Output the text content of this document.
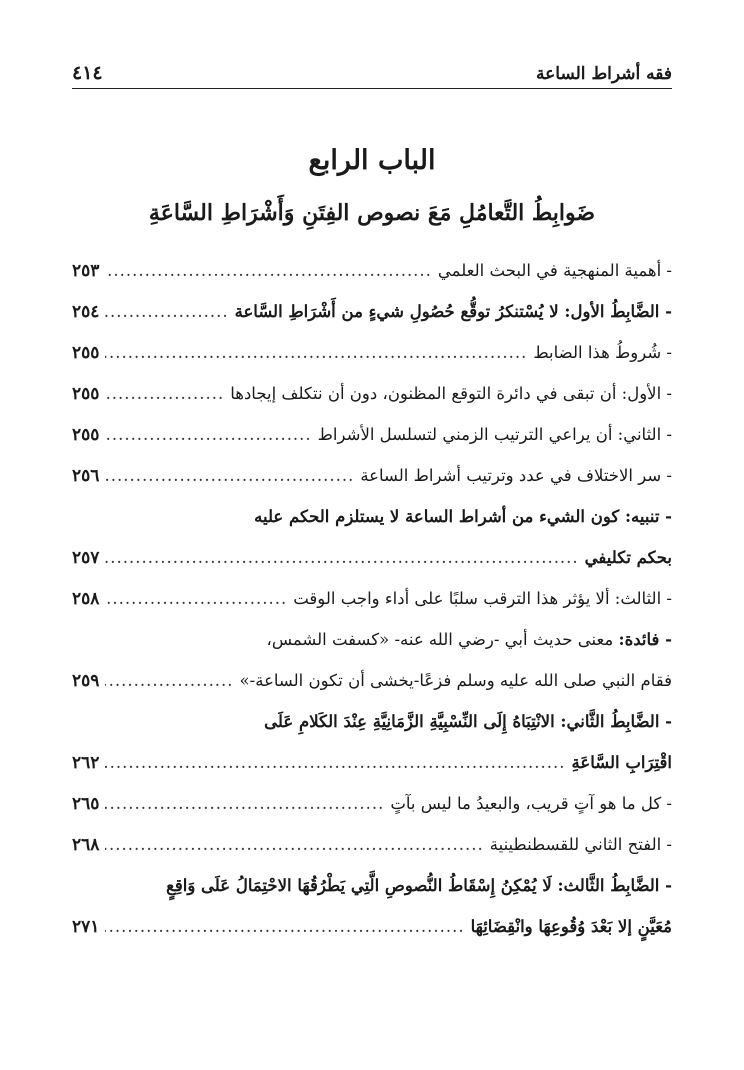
فقه أشراط الساعة
٤١٤
الباب الرابع
ضَوابِطُ التَّعامُلِ مَعَ نصوص الفِتَنِ وَأَشْرَاطِ السَّاعَةِ
- أهمية المنهجية في البحث العلمي
.....
٢٥٣
- الضَّابِطُ الأول: لا يُسْتنكرُ توقُّع حُصُولِ شيءٍ من أَشْرَاطِ السَّاعة
.....
٢٥٤
- شُروطُ هذا الضابط
.....
٢٥٥
- الأول: أن تبقى في دائرة التوقع المظنون، دون أن نتكلف إيجادها
.....
٢٥٥
- الثاني: أن يراعي الترتيب الزمني لتسلسل الأشراط
.....
٢٥٥
- سر الاختلاف في عدد وترتيب أشراط الساعة
.....
٢٥٦
- تنبيه: كون الشيء من أشراط الساعة لا يستلزم الحكم عليه
بحكم تكليفي
.....
٢٥٧
- الثالث: ألا يؤثر هذا الترقب سلبًا على أداء واجب الوقت
.....
٢٥٨
- فائدة: معنى حديث أبي -رضي الله عنه- «كسفت الشمس،
فقام النبي صلى الله عليه وسلم فزعًا-يخشى أن تكون الساعة-»
.....
٢٥٩
- الضَّابِطُ الثَّاني: الانْتِبَاهُ إِلَى النِّسْبِيَّةِ الزَّمَانِيَّةِ عِنْدَ الكَلامِ عَلَى
اقْتِرَابِ السَّاعَةِ
.....
٢٦٢
- كل ما هو آتٍ قريب، والبعيدُ ما ليس بآتٍ
.....
٢٦٥
- الفتح الثاني للقسطنطينية
.....
٢٦٨
- الضَّابِطُ الثَّالث: لَا يُمْكِنُ إِسْقَاطُ النُّصوصِ الَّتِي يَطْرُقُهَا الاحْتِمَالُ عَلَى وَاقِعٍ
مُعَيَّنٍ إلا بَعْدَ وُقُوعِهَا وانْقِضَائِهَا
.....
٢٧١
